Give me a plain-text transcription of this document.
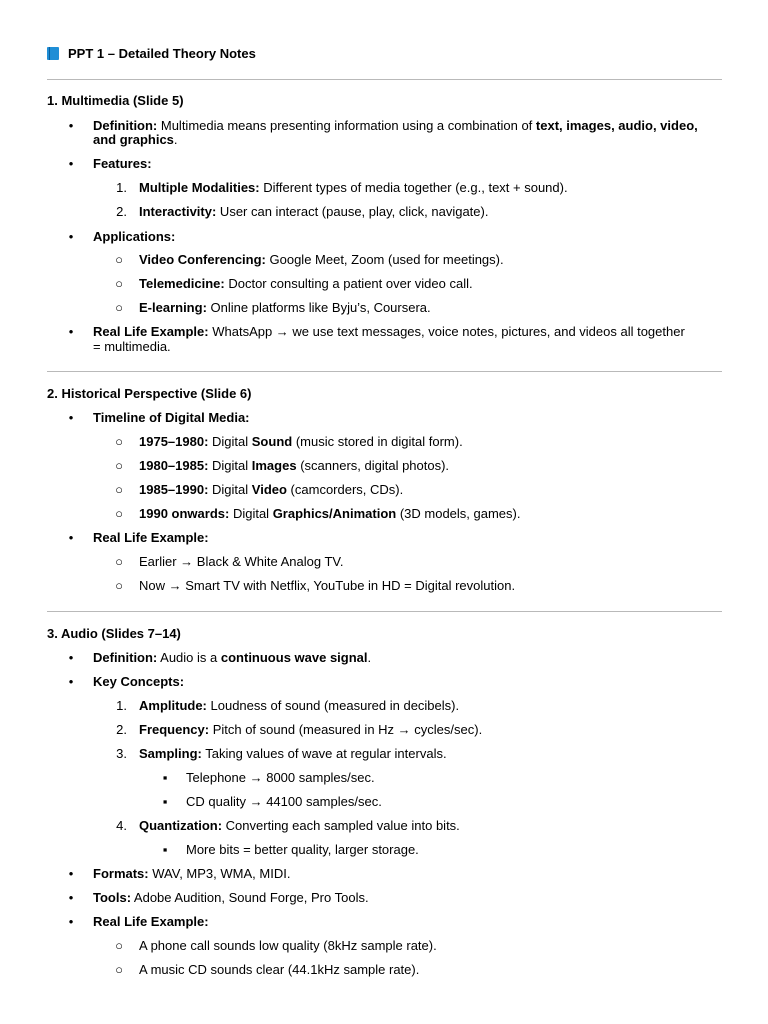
PPT 1 – Detailed Theory Notes
1. Multimedia (Slide 5)
•	Definition: Multimedia means presenting information using a combination of text, images, audio, video,
and graphics.
•	Features:
1. Multiple Modalities: Different types of media together (e.g., text + sound).
2. Interactivity: User can interact (pause, play, click, navigate).
•	Applications:
○	Video Conferencing: Google Meet, Zoom (used for meetings).
○	Telemedicine: Doctor consulting a patient over video call.
○	E-learning: Online platforms like Byju’s, Coursera.
•	Real Life Example: WhatsApp → we use text messages, voice notes, pictures, and videos all together
= multimedia.
2. Historical Perspective (Slide 6)
•	Timeline of Digital Media:
○	1975–1980: Digital Sound (music stored in digital form).
○	1980–1985: Digital Images (scanners, digital photos).
○	1985–1990: Digital Video (camcorders, CDs).
○	1990 onwards: Digital Graphics/Animation (3D models, games).
•	Real Life Example:
○	Earlier → Black & White Analog TV.
○	Now → Smart TV with Netflix, YouTube in HD = Digital revolution.
3. Audio (Slides 7–14)
•	Definition: Audio is a continuous wave signal.
•	Key Concepts:
1. Amplitude: Loudness of sound (measured in decibels).
2. Frequency: Pitch of sound (measured in Hz → cycles/sec).
3. Sampling: Taking values of wave at regular intervals.
▪	Telephone → 8000 samples/sec.
▪	CD quality → 44100 samples/sec.
4. Quantization: Converting each sampled value into bits.
▪	More bits = better quality, larger storage.
•	Formats: WAV, MP3, WMA, MIDI.
•	Tools: Adobe Audition, Sound Forge, Pro Tools.
•	Real Life Example:
○	A phone call sounds low quality (8kHz sample rate).
○	A music CD sounds clear (44.1kHz sample rate).
